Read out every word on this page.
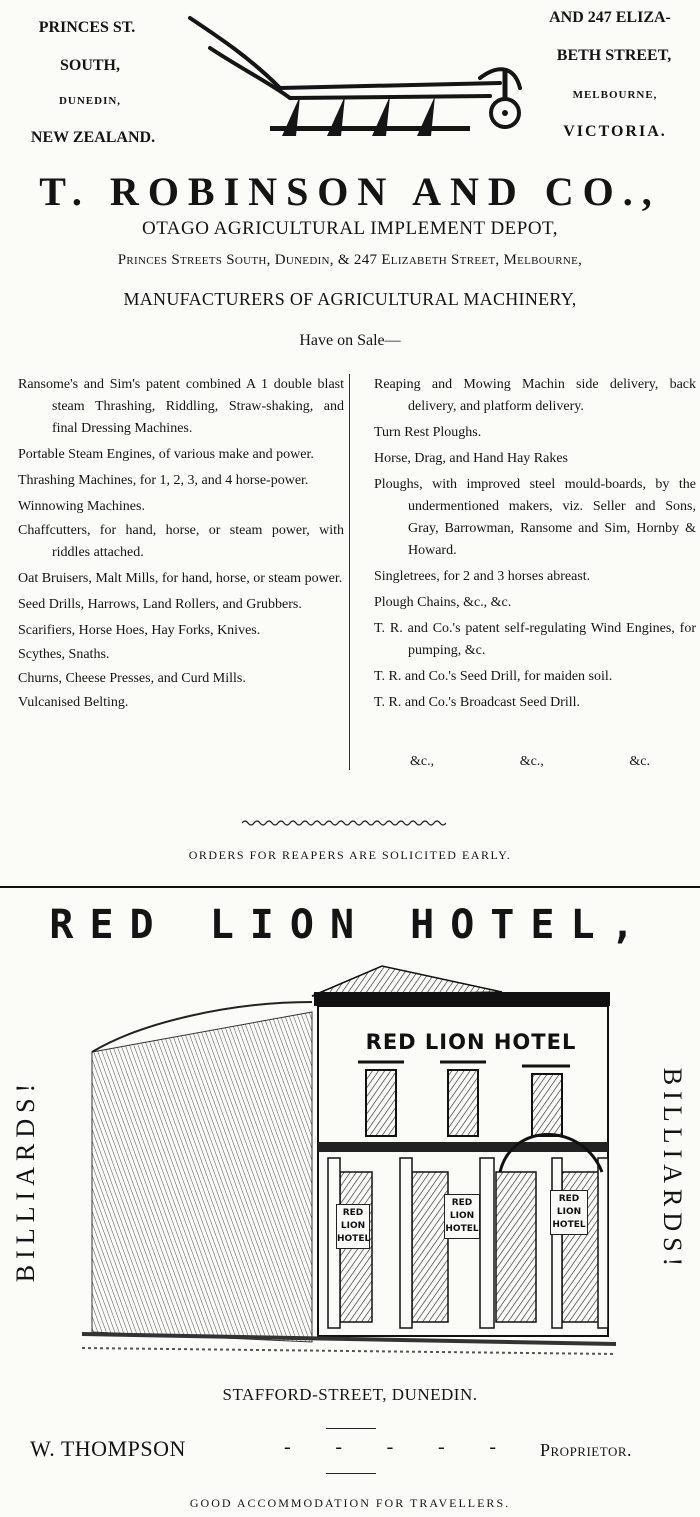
PRINCES ST.
SOUTH,
DUNEDIN,
NEW ZEALAND.
AND 247 ELIZA-
BETH STREET,
MELBOURNE,
VICTORIA.
T. ROBINSON AND CO.,
OTAGO AGRICULTURAL IMPLEMENT DEPOT,
Princes Streets South, Dunedin, & 247 Elizabeth Street, Melbourne,
MANUFACTURERS OF AGRICULTURAL MACHINERY,
Have on Sale—
Ransome's and Sim's patent combined A 1 double blast steam Thrashing, Riddling, Straw-shaking, and final Dressing Machines.
Portable Steam Engines, of various make and power.
Thrashing Machines, for 1, 2, 3, and 4 horse-power.
Winnowing Machines.
Chaffcutters, for hand, horse, or steam power, with riddles attached.
Oat Bruisers, Malt Mills, for hand, horse, or steam power.
Seed Drills, Harrows, Land Rollers, and Grubbers.
Scarifiers, Horse Hoes, Hay Forks, Knives.
Scythes, Snaths.
Churns, Cheese Presses, and Curd Mills.
Vulcanised Belting.
Reaping and Mowing Machin side delivery, back delivery, and platform delivery.
Turn Rest Ploughs.
Horse, Drag, and Hand Hay Rakes
Ploughs, with improved steel mould-boards, by the undermentioned makers, viz. Seller and Sons, Gray, Barrowman, Ransome and Sim, Hornby & Howard.
Singletrees, for 2 and 3 horses abreast.
Plough Chains, &c., &c.
T. R. and Co.'s patent self-regulating Wind Engines, for pumping, &c.
T. R. and Co.'s Seed Drill, for maiden soil.
T. R. and Co.'s Broadcast Seed Drill.
&c.,	&c.,	&c.
ORDERS FOR REAPERS ARE SOLICITED EARLY.
RED LION HOTEL,
BILLIARDS!	BILLIARDS!
RED LION HOTEL
RED LION HOTEL
RED LION HOTEL
RED LION HOTEL
STAFFORD-STREET, DUNEDIN.
W. THOMPSON	- - - - - Proprietor.
GOOD ACCOMMODATION FOR TRAVELLERS.
